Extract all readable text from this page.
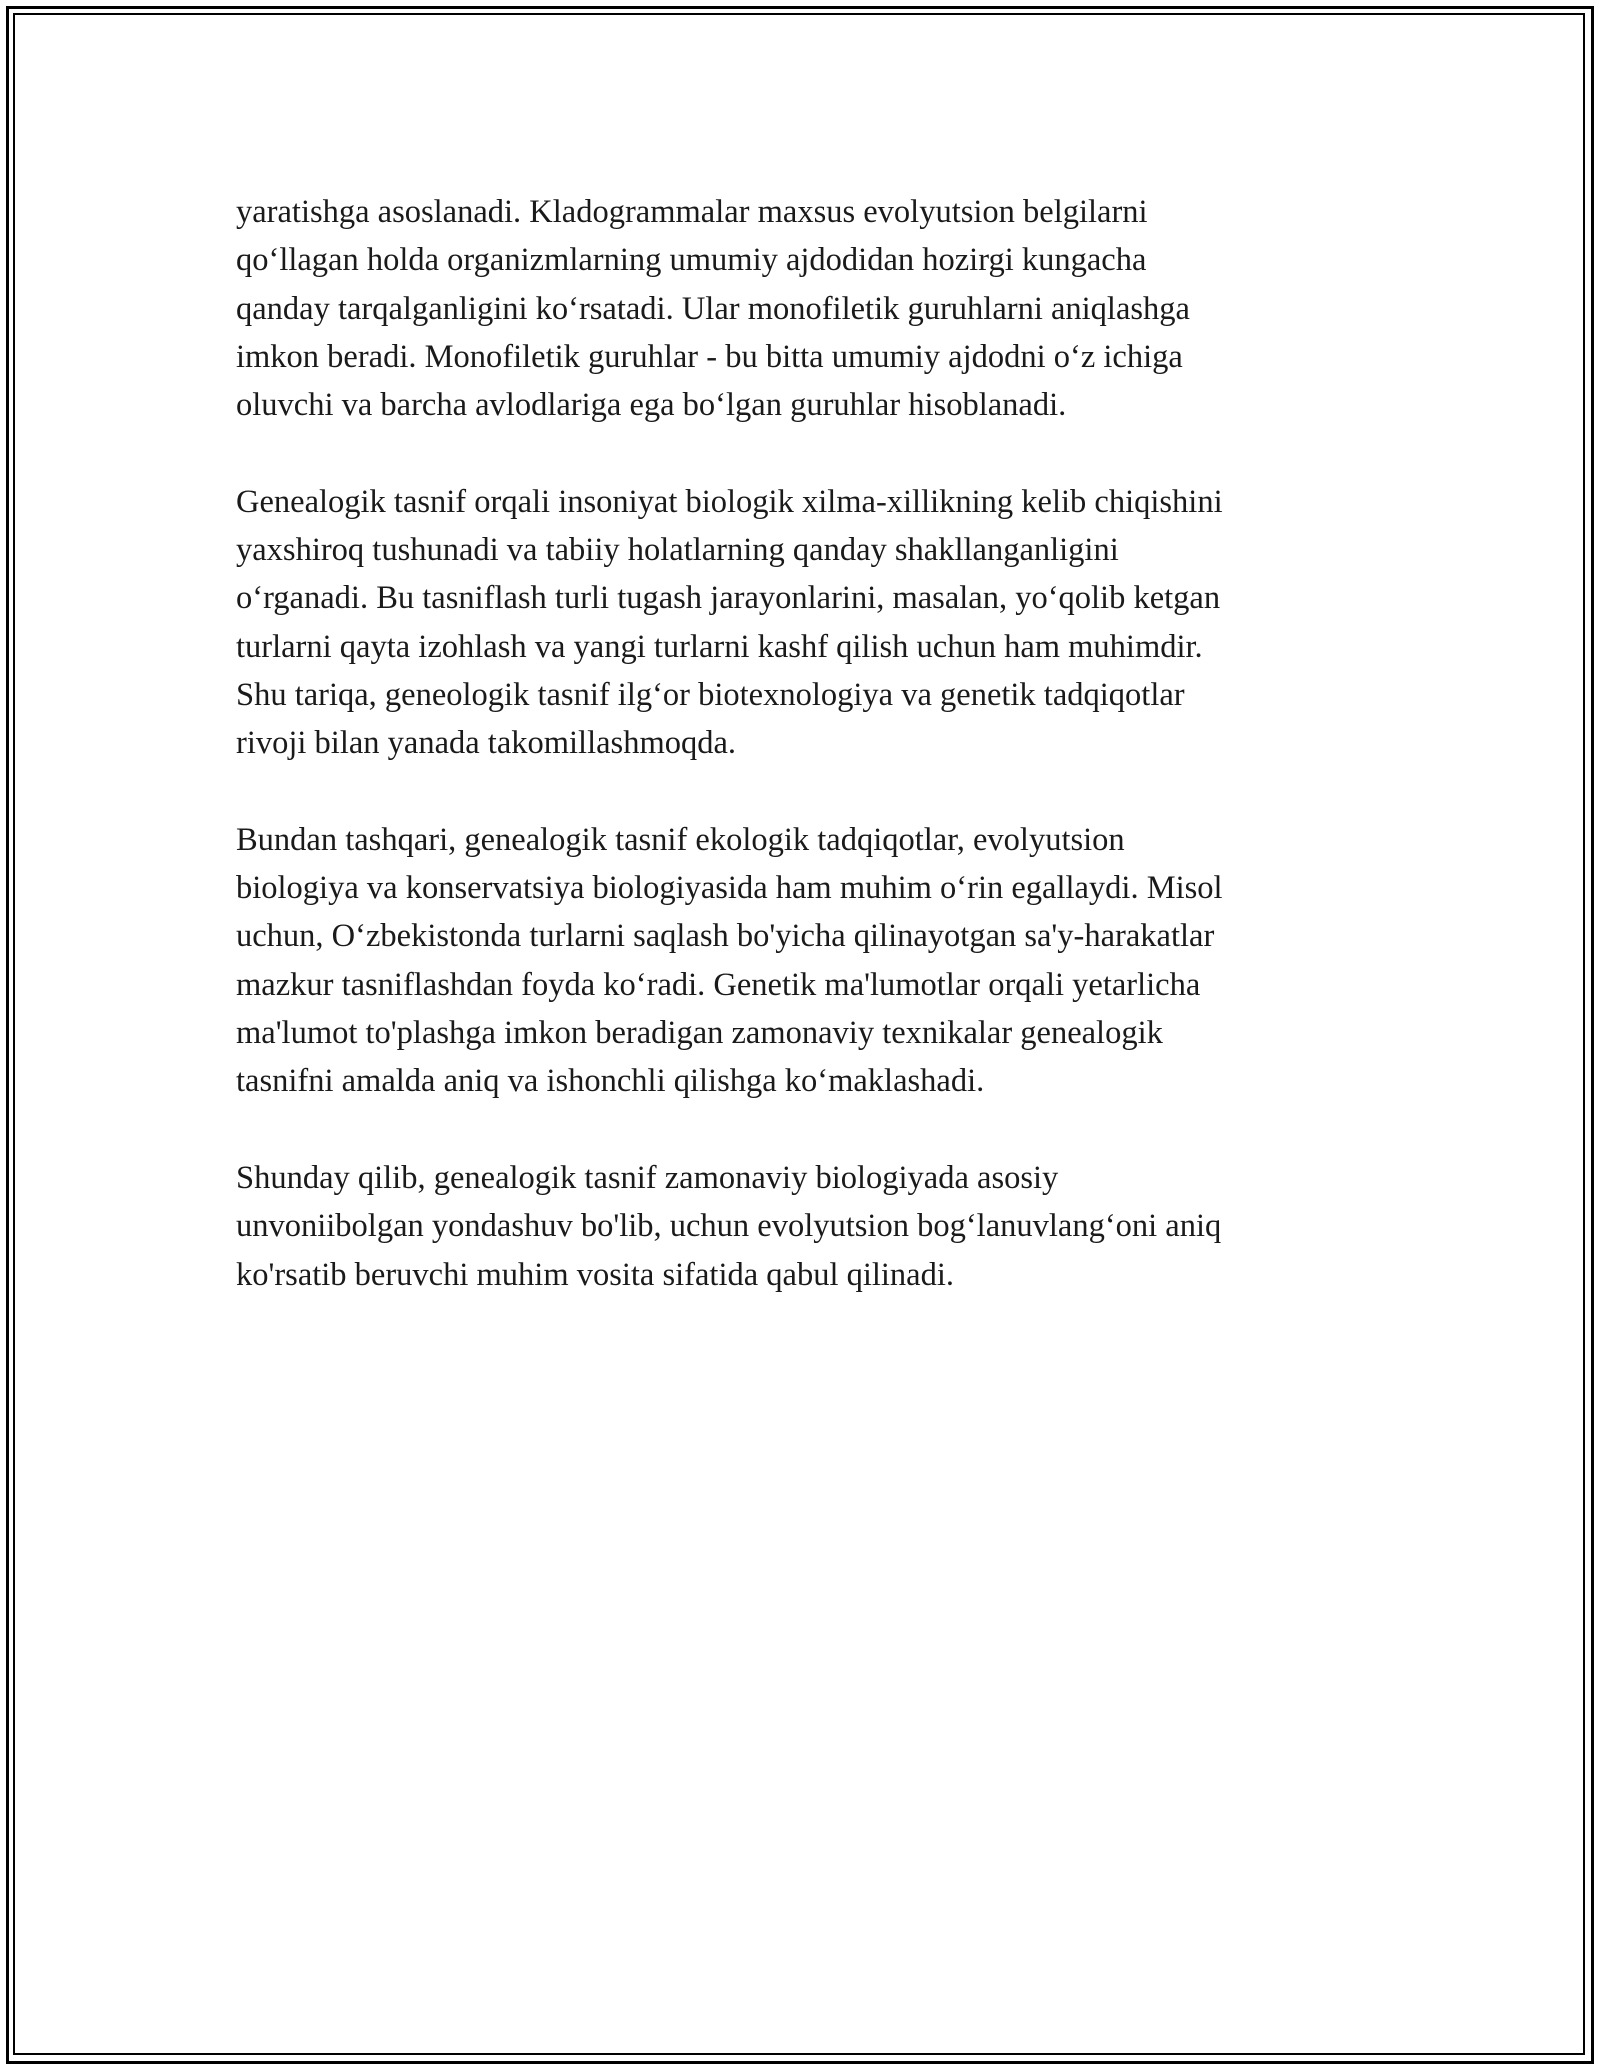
yaratishga asoslanadi. Kladogrammalar maxsus evolyutsion belgilarni
qoʻllagan holda organizmlarning umumiy ajdodidan hozirgi kungacha
qanday tarqalganligini koʻrsatadi. Ular monofiletik guruhlarni aniqlashga
imkon beradi. Monofiletik guruhlar - bu bitta umumiy ajdodni oʻz ichiga
oluvchi va barcha avlodlariga ega boʻlgan guruhlar hisoblanadi.

Genealogik tasnif orqali insoniyat biologik xilma-xillikning kelib chiqishini
yaxshiroq tushunadi va tabiiy holatlarning qanday shakllanganligini
oʻrganadi. Bu tasniflash turli tugash jarayonlarini, masalan, yoʻqolib ketgan
turlarni qayta izohlash va yangi turlarni kashf qilish uchun ham muhimdir.
Shu tariqa, geneologik tasnif ilgʻor biotexnologiya va genetik tadqiqotlar
rivoji bilan yanada takomillashmoqda.

Bundan tashqari, genealogik tasnif ekologik tadqiqotlar, evolyutsion
biologiya va konservatsiya biologiyasida ham muhim oʻrin egallaydi. Misol
uchun, Oʻzbekistonda turlarni saqlash bo'yicha qilinayotgan sa'y-harakatlar
mazkur tasniflashdan foyda koʻradi. Genetik ma'lumotlar orqali yetarlicha
ma'lumot to'plashga imkon beradigan zamonaviy texnikalar genealogik
tasnifni amalda aniq va ishonchli qilishga koʻmaklashadi.

Shunday qilib, genealogik tasnif zamonaviy biologiyada asosiy
unvoniibolgan yondashuv bo'lib, uchun evolyutsion bogʻlanuvlangʻoni aniq
ko'rsatib beruvchi muhim vosita sifatida qabul qilinadi.
